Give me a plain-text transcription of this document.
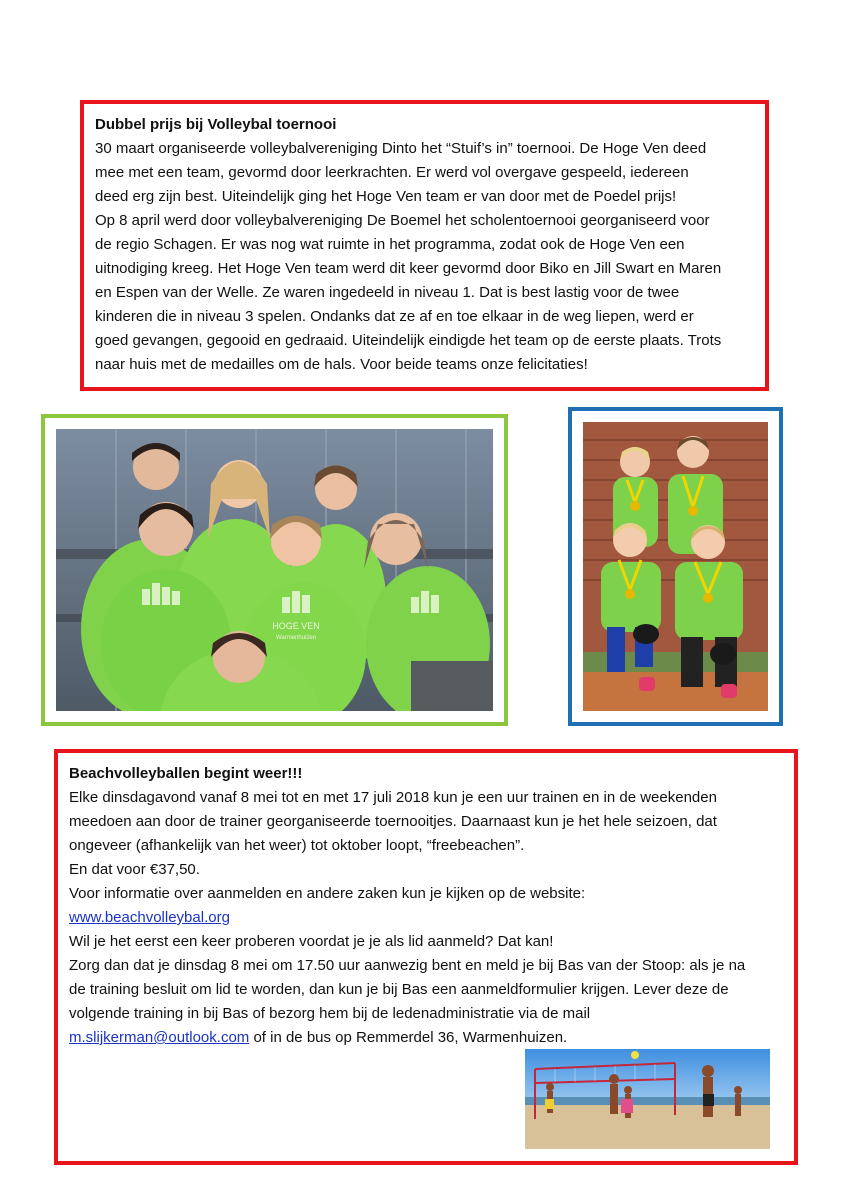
Dubbel prijs bij Volleybal toernooi
30 maart organiseerde volleybalvereniging Dinto het “Stuif’s in” toernooi. De Hoge Ven deed
mee met een team, gevormd door leerkrachten. Er werd vol overgave gespeeld, iedereen
deed erg zijn best. Uiteindelijk ging het Hoge Ven team er van door met de Poedel prijs!
Op 8 april werd door volleybalvereniging De Boemel het scholentoernooi georganiseerd voor
de regio Schagen. Er was nog wat ruimte in het programma, zodat ook de Hoge Ven een
uitnodiging kreeg. Het Hoge Ven team werd dit keer gevormd door Biko en Jill Swart en Maren
en Espen van der Welle. Ze waren ingedeeld in niveau 1. Dat is best lastig voor de twee
kinderen die in niveau 3 spelen. Ondanks dat ze af en toe elkaar in de weg liepen, werd er
goed gevangen, gegooid en gedraaid. Uiteindelijk eindigde het team op de eerste plaats. Trots
naar huis met de medailles om de hals. Voor beide teams onze felicitaties!
HOGE VEN
Warmenhuizen
Beachvolleyballen begint weer!!!
Elke dinsdagavond vanaf 8 mei tot en met 17 juli 2018 kun je een uur trainen en in de weekenden
meedoen aan door de trainer georganiseerde toernooitjes. Daarnaast kun je het hele seizoen, dat
ongeveer (afhankelijk van het weer) tot oktober loopt, “freebeachen”.
En dat voor €37,50.
Voor informatie over aanmelden en andere zaken kun je kijken op de website:
www.beachvolleybal.org
Wil je het eerst een keer proberen voordat je je als lid aanmeld? Dat kan!
Zorg dan dat je dinsdag 8 mei om 17.50 uur aanwezig bent en meld je bij Bas van der Stoop: als je na
de training besluit om lid te worden, dan kun je bij Bas een aanmeldformulier krijgen. Lever deze de
volgende training in bij Bas of bezorg hem bij de ledenadministratie via de mail
m.slijkerman@outlook.com of in de bus op Remmerdel 36, Warmenhuizen.
